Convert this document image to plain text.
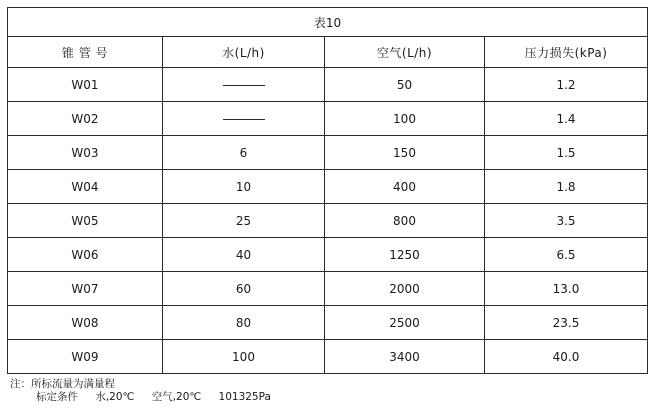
表10			
锥 管 号	水(L/h)	空气(L/h)	压力损失(kPa)
W01		50	1.2
W02		100	1.4
W03	6	150	1.5
W04	10	400	1.8
W05	25	800	3.5
W06	40	1250	6.5
W07	60	2000	13.0
W08	80	2500	23.5
W09	100	3400	40.0
注：所标流量为满量程
标定条件 水,20℃ 空气,20℃ 101325Pa
